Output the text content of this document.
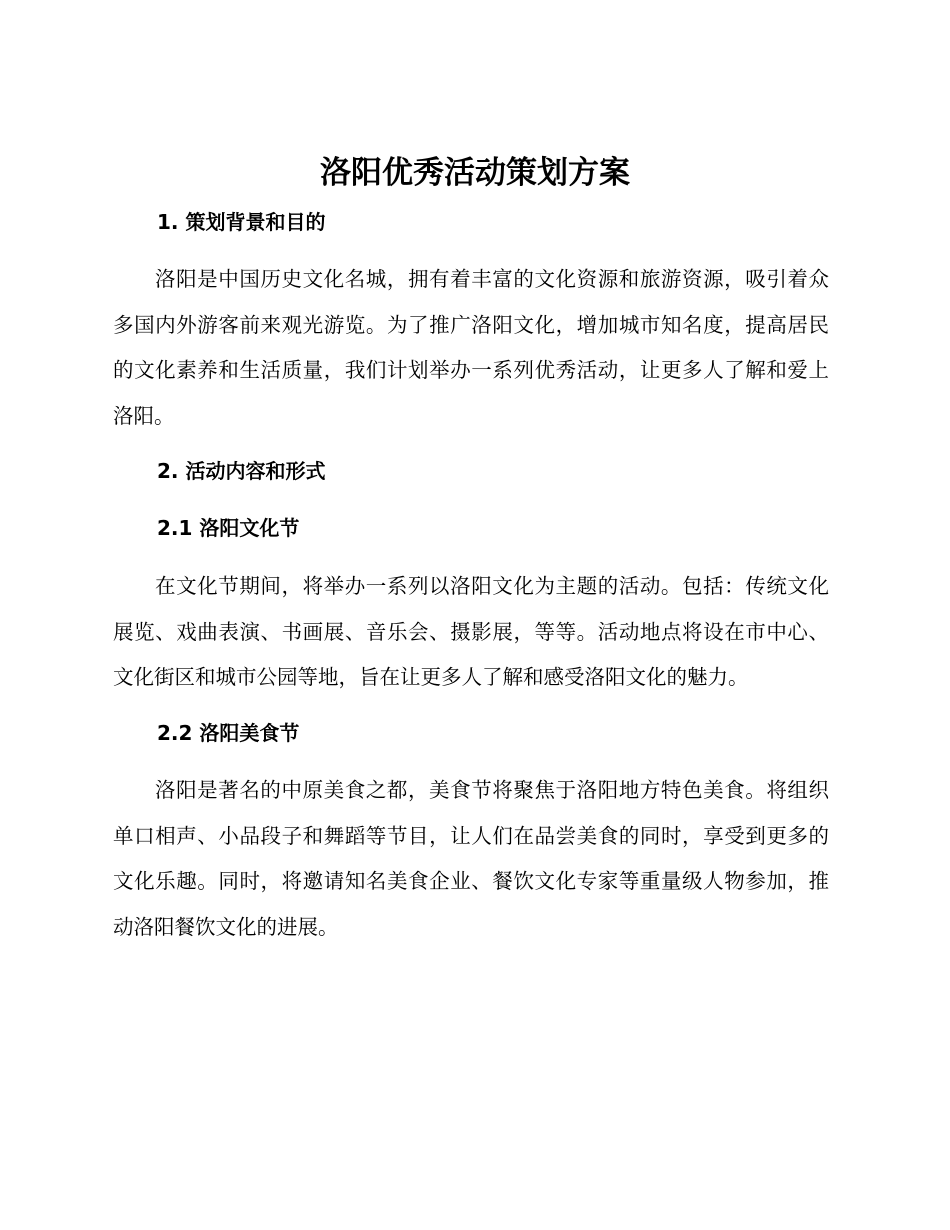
洛阳优秀活动策划方案
1. 策划背景和目的

洛阳是中国历史文化名城，拥有着丰富的文化资源和旅游资源，吸引着众多国内外游客前来观光游览。为了推广洛阳文化，增加城市知名度，提高居民的文化素养和生活质量，我们计划举办一系列优秀活动，让更多人了解和爱上洛阳。

2. 活动内容和形式
2.1 洛阳文化节

在文化节期间，将举办一系列以洛阳文化为主题的活动。包括：传统文化展览、戏曲表演、书画展、音乐会、摄影展，等等。活动地点将设在市中心、文化街区和城市公园等地，旨在让更多人了解和感受洛阳文化的魅力。

2.2 洛阳美食节

洛阳是著名的中原美食之都，美食节将聚焦于洛阳地方特色美食。将组织单口相声、小品段子和舞蹈等节目，让人们在品尝美食的同时，享受到更多的文化乐趣。同时，将邀请知名美食企业、餐饮文化专家等重量级人物参加，推动洛阳餐饮文化的进展。
